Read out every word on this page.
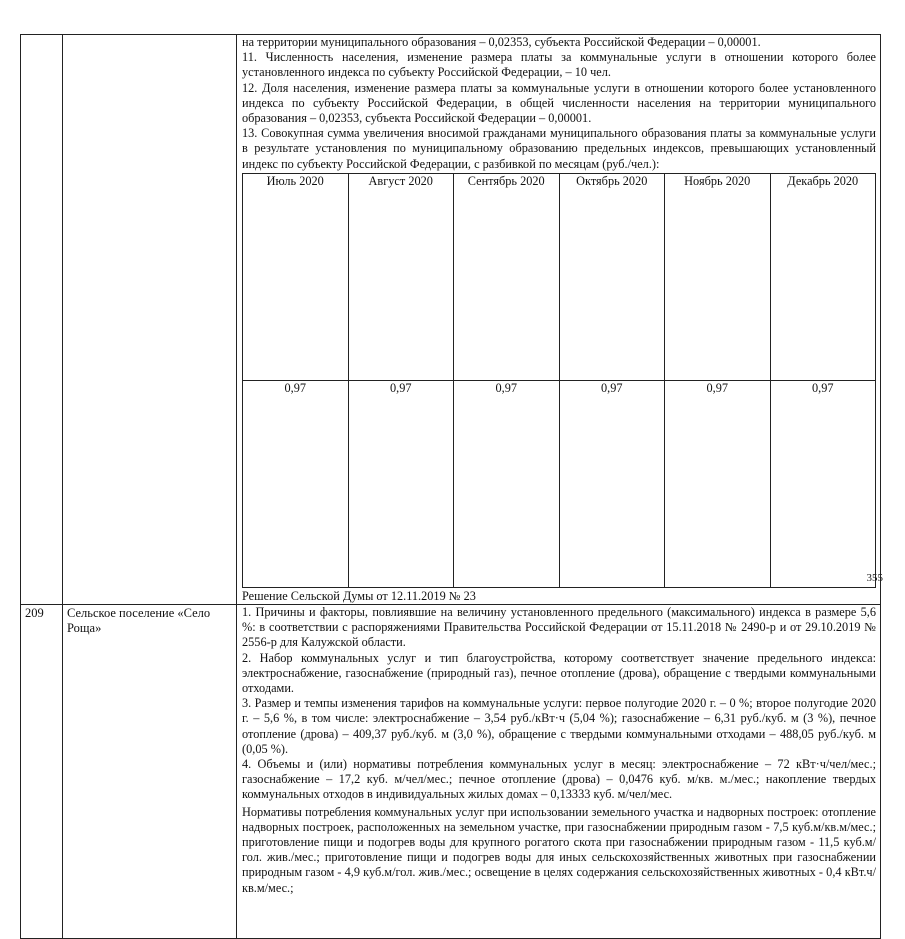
на территории муниципального образования – 0,02353, субъекта Российской Федерации – 0,00001.

11. Численность населения, изменение размера платы за коммунальные услуги в отношении которого более установленного индекса по субъекту Российской Федерации, – 10 чел.

12. Доля населения, изменение размера платы за коммунальные услуги в отношении которого более установленного индекса по субъекту Российской Федерации, в общей численности населения на территории муниципального образования – 0,02353, субъекта Российской Федерации – 0,00001.

13. Совокупная сумма увеличения вносимой гражданами муниципального образования платы за коммунальные услуги в результате установления по муниципальному образованию предельных индексов, превышающих установленный индекс по субъекту Российской Федерации, с разбивкой по месяцам (руб./чел.):

Июль 2020	Август 2020	Сентябрь 2020	Октябрь 2020	Ноябрь 2020	Декабрь 2020
0,97	0,97	0,97	0,97	0,97	0,97

Решение Сельской Думы от 12.11.2019 № 23

209	Сельское поселение «Село Роща»	

1. Причины и факторы, повлиявшие на величину установленного предельного (максимального) индекса в размере 5,6 %: в соответствии с распоряжениями Правительства Российской Федерации от 15.11.2018 № 2490-р и от 29.10.2019 № 2556-р для Калужской области.

2. Набор коммунальных услуг и тип благоустройства, которому соответствует значение предельного индекса: электроснабжение, газоснабжение (природный газ), печное отопление (дрова), обращение с твердыми коммунальными отходами.

3. Размер и темпы изменения тарифов на коммунальные услуги: первое полугодие 2020 г. – 0 %; второе полугодие 2020 г. – 5,6 %, в том числе: электроснабжение – 3,54 руб./кВт·ч (5,04 %); газоснабжение – 6,31 руб./куб. м (3 %), печное отопление (дрова) – 409,37 руб./куб. м (3,0 %), обращение с твердыми коммунальными отходами – 488,05 руб./куб. м (0,05 %).

4. Объемы и (или) нормативы потребления коммунальных услуг в месяц: электроснабжение – 72 кВт·ч/чел/мес.; газоснабжение – 17,2 куб. м/чел/мес.; печное отопление (дрова) – 0,0476 куб. м/кв. м./мес.; накопление твердых коммунальных отходов в индивидуальных жилых домах – 0,13333 куб. м/чел/мес.

Нормативы потребления коммунальных услуг при использовании земельного участка и надворных построек: отопление надворных построек, расположенных на земельном участке, при газоснабжении природным газом - 7,5 куб.м/кв.м/мес.; приготовление пищи и подогрев воды для крупного рогатого скота при газоснабжении природным газом - 11,5 куб.м/гол. жив./мес.; приготовление пищи и подогрев воды для иных сельскохозяйственных животных при газоснабжении природным газом - 4,9 куб.м/гол. жив./мес.; освещение в целях содержания сельскохозяйственных животных - 0,4 кВт.ч/кв.м/мес.;

355
